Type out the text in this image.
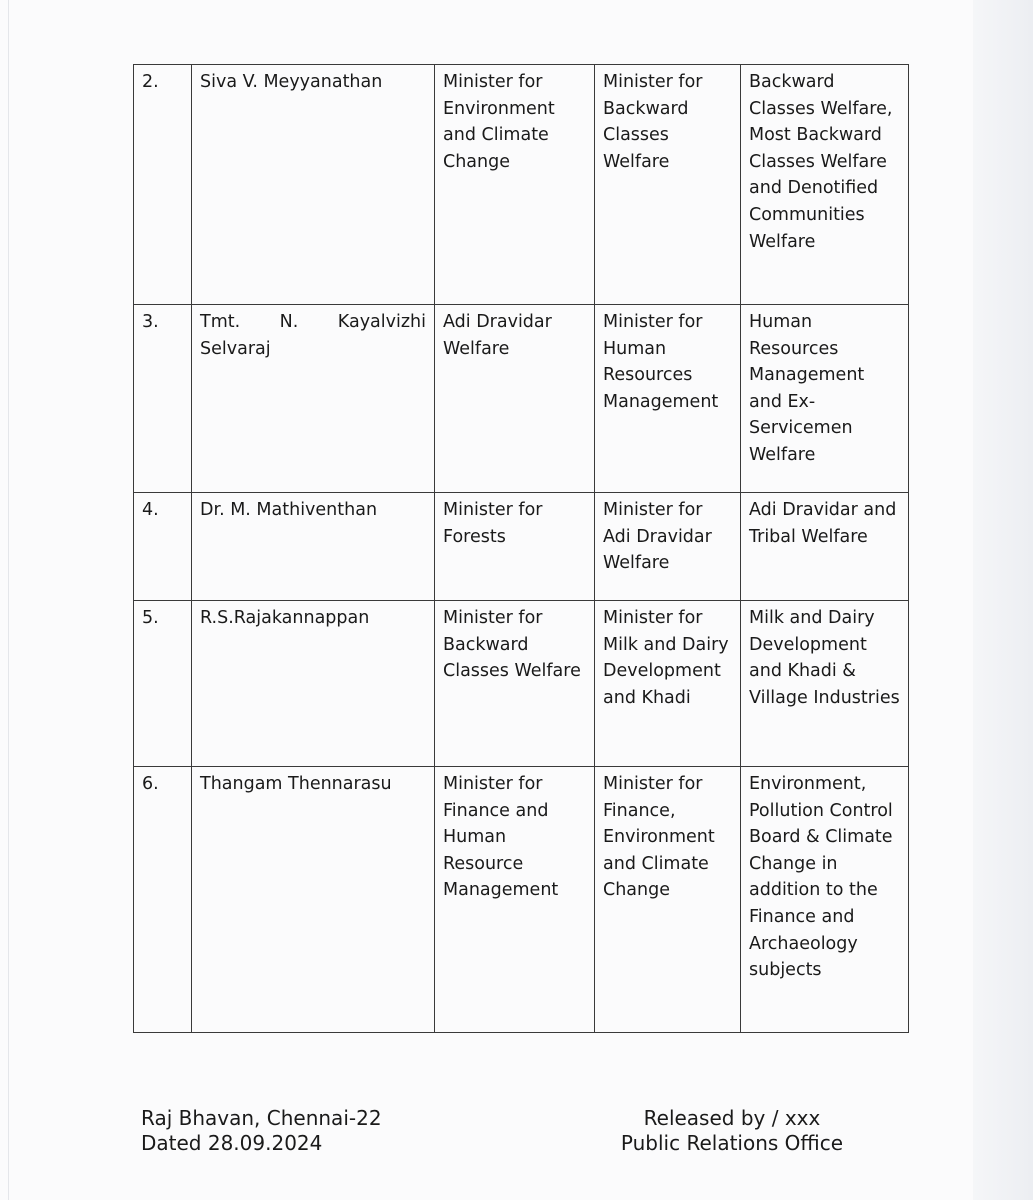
2.	Siva V. Meyyanathan	Minister for Environment and Climate Change	Minister for Backward Classes Welfare	Backward Classes Welfare, Most Backward Classes Welfare and Denotified Communities Welfare
3.	Tmt. N. Kayalvizhi Selvaraj	Adi Dravidar Welfare	Minister for Human Resources Management	Human Resources Management and Ex-Servicemen Welfare
4.	Dr. M. Mathiventhan	Minister for Forests	Minister for Adi Dravidar Welfare	Adi Dravidar and Tribal Welfare
5.	R.S.Rajakannappan	Minister for Backward Classes Welfare	Minister for Milk and Dairy Development and Khadi	Milk and Dairy Development and Khadi & Village Industries
6.	Thangam Thennarasu	Minister for Finance and Human Resource Management	Minister for Finance, Environment and Climate Change	Environment, Pollution Control Board & Climate Change in addition to the Finance and Archaeology subjects
Raj Bhavan, Chennai-22
Dated 28.09.2024
Released by / xxx
Public Relations Office
